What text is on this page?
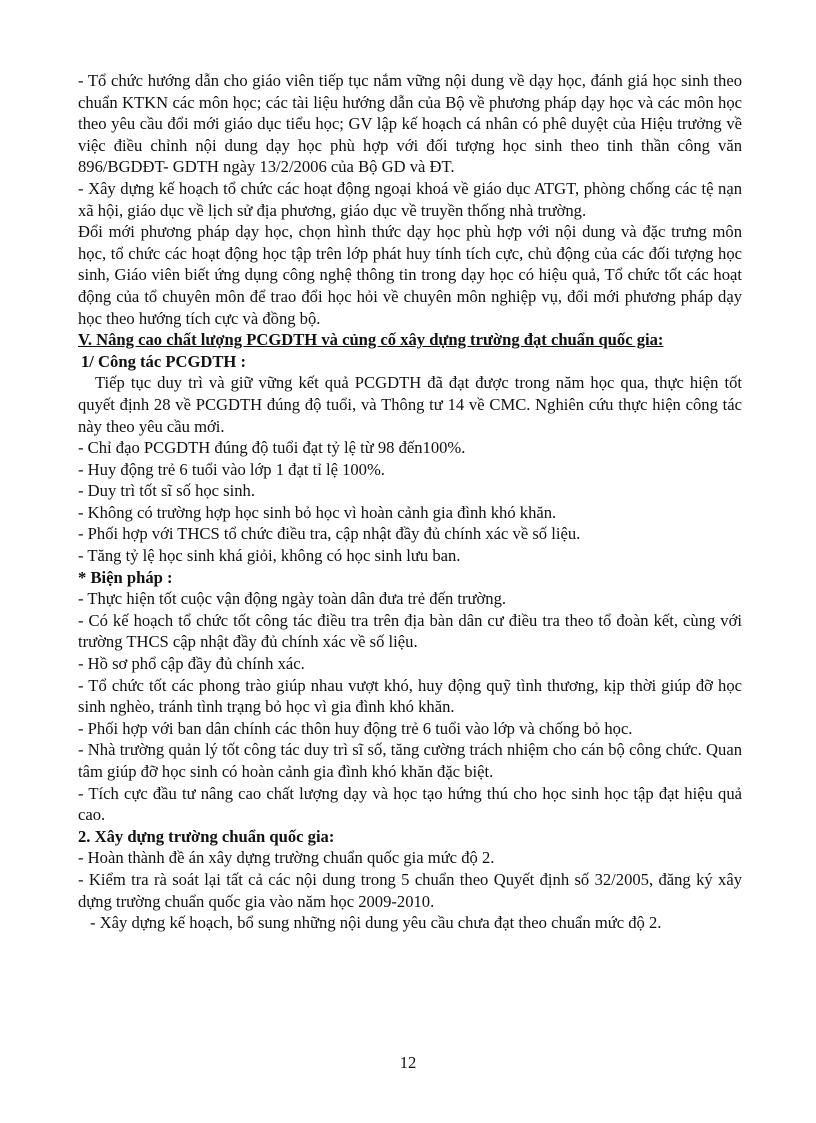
- Tổ chức hướng dẫn cho giáo viên tiếp tục nắm vững nội dung về dạy học, đánh giá học sinh theo chuẩn KTKN các môn học; các tài liệu hướng dẫn của Bộ về phương pháp dạy học và các môn học theo yêu cầu đổi mới giáo dục tiểu học; GV lập kế hoạch cá nhân có phê duyệt của Hiệu trưởng về việc điều chỉnh nội dung dạy học phù hợp với đối tượng học sinh theo tinh thần công văn 896/BGDĐT- GDTH ngày 13/2/2006 của Bộ GD và ĐT.

- Xây dựng kế hoạch tổ chức các hoạt động ngoại khoá về giáo dục ATGT, phòng chống các tệ nạn xã hội, giáo dục về lịch sử địa phương, giáo dục về truyền thống nhà trường.

Đổi mới phương pháp dạy học, chọn hình thức dạy học phù hợp với nội dung và đặc trưng môn học, tổ chức các hoạt động học tập trên lớp phát huy tính tích cực, chủ động của các đối tượng học sinh, Giáo viên biết ứng dụng công nghệ thông tin trong dạy học có hiệu quả, Tổ chức tốt các hoạt động của tổ chuyên môn để trao đổi học hỏi về chuyên môn nghiệp vụ, đổi mới phương pháp dạy học theo hướng tích cực và đồng bộ.

V. Nâng cao chất lượng PCGDTH và củng cố xây dựng trường đạt chuẩn quốc gia:

1/ Công tác PCGDTH :

Tiếp tục duy trì và giữ vững kết quả PCGDTH đã đạt được trong năm học qua, thực hiện tốt quyết định 28 về PCGDTH đúng độ tuổi, và Thông tư 14 về CMC. Nghiên cứu thực hiện công tác này theo yêu cầu mới.

- Chỉ đạo PCGDTH đúng độ tuổi đạt tỷ lệ từ 98 đến100%.

- Huy động trẻ 6 tuổi vào lớp 1 đạt tỉ lệ 100%.

- Duy trì tốt sĩ số học sinh.

- Không có trường hợp học sinh bỏ học vì hoàn cảnh gia đình khó khăn.

- Phối hợp với THCS tổ chức điều tra, cập nhật đầy đủ chính xác về số liệu.

- Tăng tỷ lệ học sinh khá giỏi, không có học sinh lưu ban.

* Biện pháp :

- Thực hiện tốt cuộc vận động ngày toàn dân đưa trẻ đến trường.

- Có kế hoạch tổ chức tốt công tác điều tra trên địa bàn dân cư điều tra theo tổ đoàn kết, cùng với trường THCS cập nhật đầy đủ chính xác về số liệu.

- Hồ sơ phổ cập đầy đủ chính xác.

- Tổ chức tốt các phong trào giúp nhau vượt khó, huy động quỹ tình thương, kịp thời giúp đỡ học sinh nghèo, tránh tình trạng bỏ học vì gia đình khó khăn.

- Phối hợp với ban dân chính các thôn huy động trẻ 6 tuổi vào lớp và chống bỏ học.

- Nhà trường quản lý tốt công tác duy trì sĩ số, tăng cường trách nhiệm cho cán bộ công chức. Quan tâm giúp đỡ học sinh có hoàn cảnh gia đình khó khăn đặc biệt.

- Tích cực đầu tư nâng cao chất lượng dạy và học tạo hứng thú cho học sinh học tập đạt hiệu quả cao.

2. Xây dựng trường chuẩn quốc gia:

- Hoàn thành đề án xây dựng trường chuẩn quốc gia mức độ 2.

- Kiểm tra rà soát lại tất cả các nội dung trong 5 chuẩn theo Quyết định số 32/2005, đăng ký xây dựng trường chuẩn quốc gia vào năm học 2009-2010.

- Xây dựng kế hoạch, bổ sung những nội dung yêu cầu chưa đạt theo chuẩn mức độ 2.

12
